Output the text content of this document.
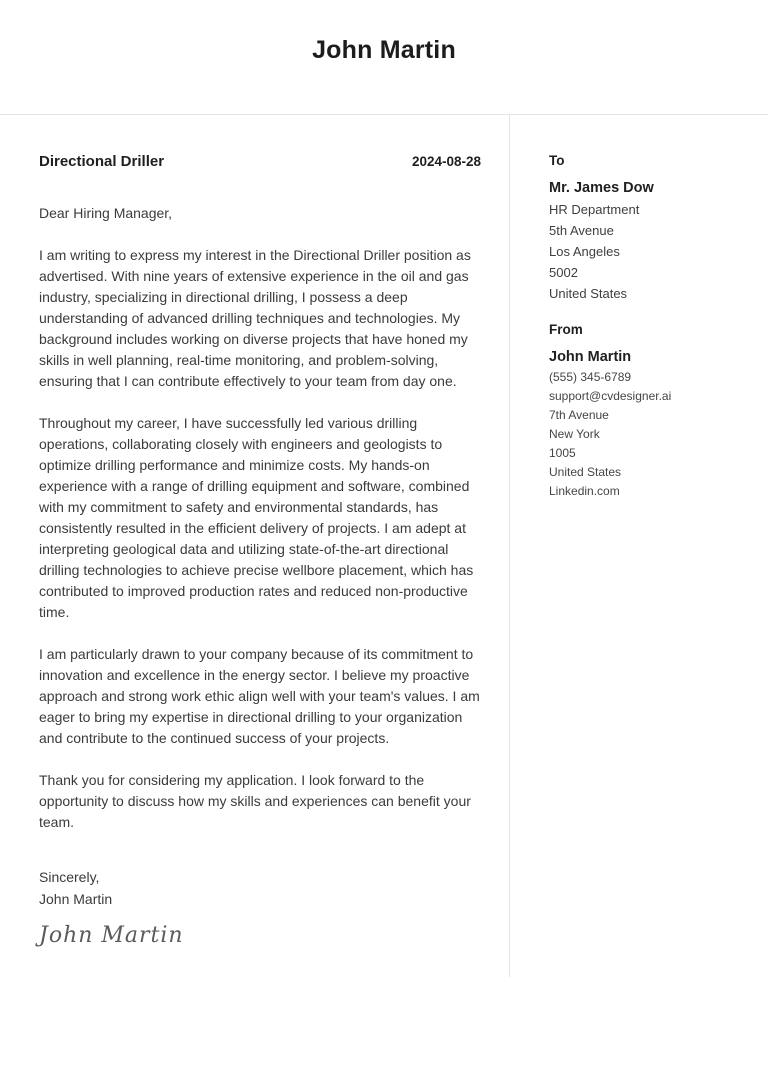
John Martin
Directional Driller	2024-08-28
Dear Hiring Manager,
I am writing to express my interest in the Directional Driller position as advertised. With nine years of extensive experience in the oil and gas industry, specializing in directional drilling, I possess a deep understanding of advanced drilling techniques and technologies. My background includes working on diverse projects that have honed my skills in well planning, real-time monitoring, and problem-solving, ensuring that I can contribute effectively to your team from day one.
Throughout my career, I have successfully led various drilling operations, collaborating closely with engineers and geologists to optimize drilling performance and minimize costs. My hands-on experience with a range of drilling equipment and software, combined with my commitment to safety and environmental standards, has consistently resulted in the efficient delivery of projects. I am adept at interpreting geological data and utilizing state-of-the-art directional drilling technologies to achieve precise wellbore placement, which has contributed to improved production rates and reduced non-productive time.
I am particularly drawn to your company because of its commitment to innovation and excellence in the energy sector. I believe my proactive approach and strong work ethic align well with your team's values. I am eager to bring my expertise in directional drilling to your organization and contribute to the continued success of your projects.
Thank you for considering my application. I look forward to the opportunity to discuss how my skills and experiences can benefit your team.
Sincerely,
John Martin
John Martin
To
Mr. James Dow
HR Department
5th Avenue
Los Angeles
5002
United States
From
John Martin
(555) 345-6789
support@cvdesigner.ai
7th Avenue
New York
1005
United States
Linkedin.com
